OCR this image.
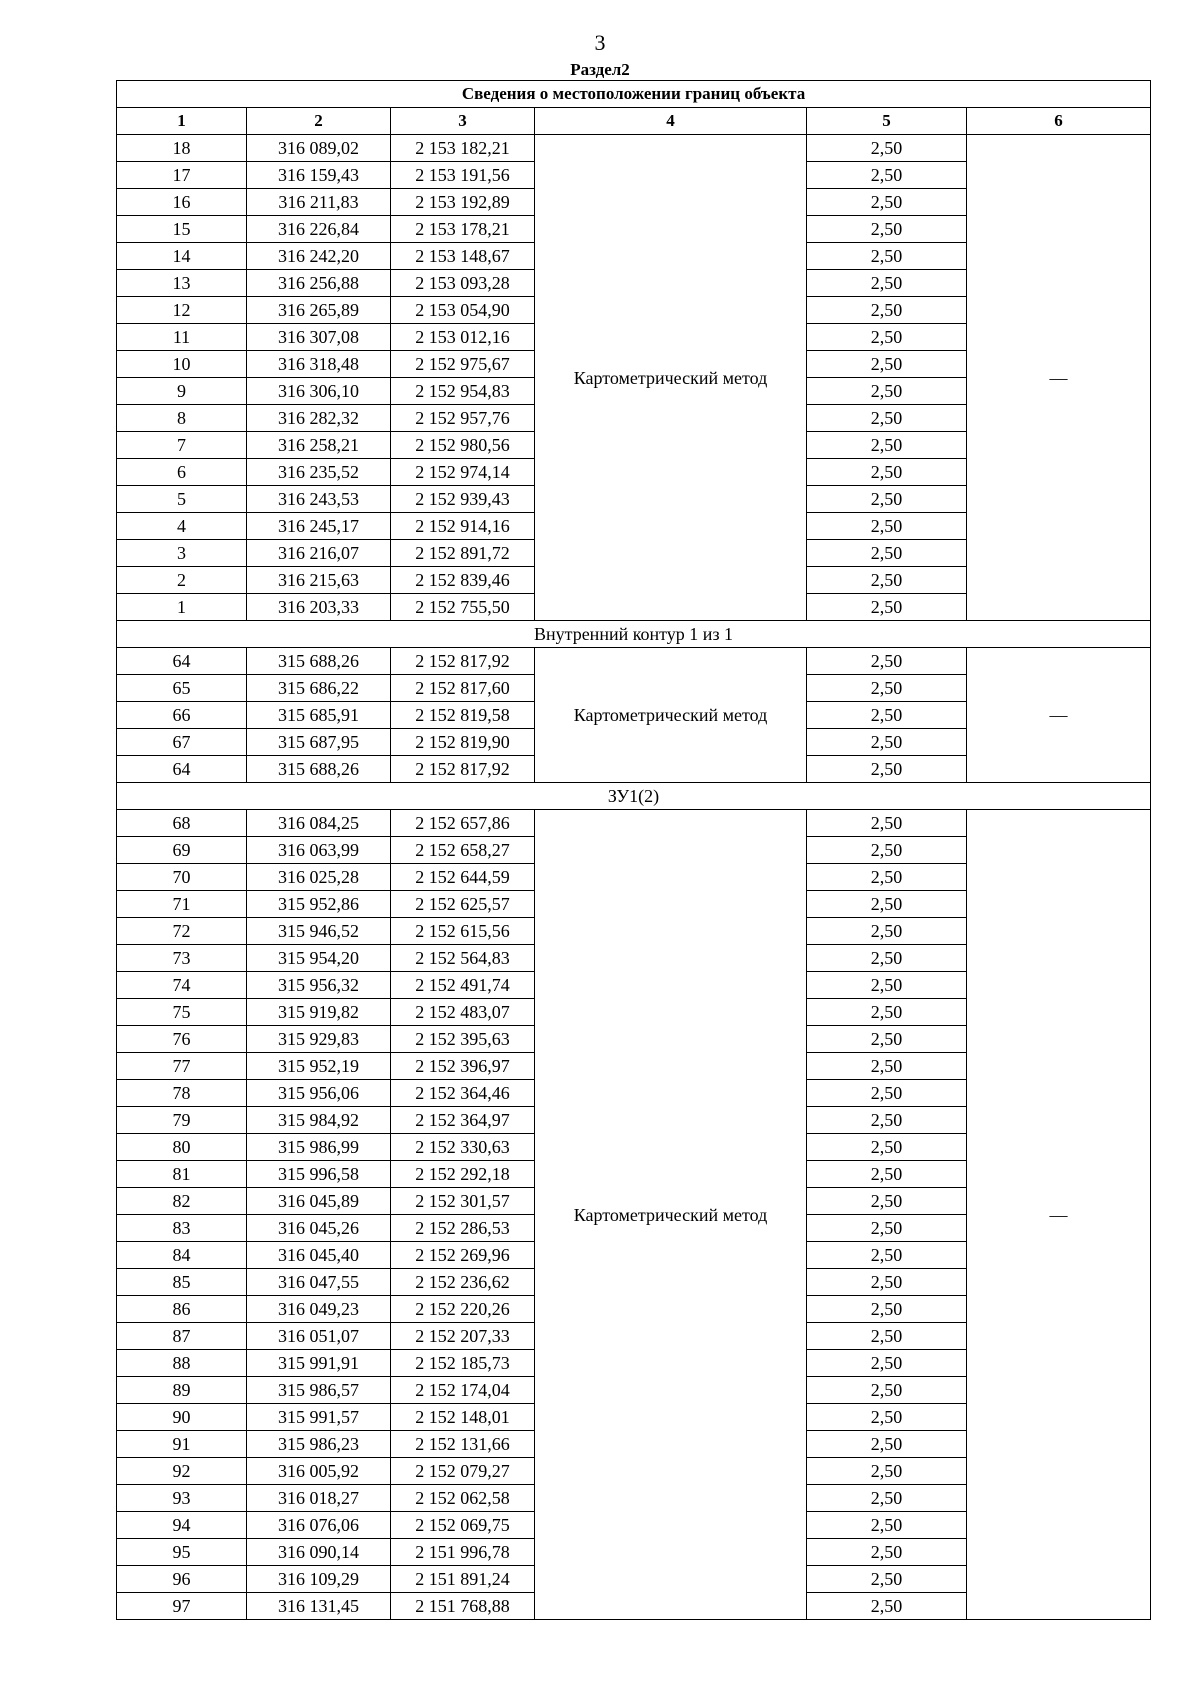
3
Раздел2
Сведения о местоположении границ объекта					
1	2	3	4	5	6
18	316 089,02	2 153 182,21	Картометрический метод	2,50	—
17	316 159,43	2 153 191,56		2,50	
16	316 211,83	2 153 192,89		2,50	
15	316 226,84	2 153 178,21		2,50	
14	316 242,20	2 153 148,67		2,50	
13	316 256,88	2 153 093,28		2,50	
12	316 265,89	2 153 054,90		2,50	
11	316 307,08	2 153 012,16		2,50	
10	316 318,48	2 152 975,67		2,50	
9	316 306,10	2 152 954,83		2,50	
8	316 282,32	2 152 957,76		2,50	
7	316 258,21	2 152 980,56		2,50	
6	316 235,52	2 152 974,14		2,50	
5	316 243,53	2 152 939,43		2,50	
4	316 245,17	2 152 914,16		2,50	
3	316 216,07	2 152 891,72		2,50	
2	316 215,63	2 152 839,46		2,50	
1	316 203,33	2 152 755,50		2,50	
Внутренний контур 1 из 1					
64	315 688,26	2 152 817,92	Картометрический метод	2,50	—
65	315 686,22	2 152 817,60		2,50	
66	315 685,91	2 152 819,58		2,50	
67	315 687,95	2 152 819,90		2,50	
64	315 688,26	2 152 817,92		2,50	
ЗУ1(2)					
68	316 084,25	2 152 657,86	Картометрический метод	2,50	—
69	316 063,99	2 152 658,27		2,50	
70	316 025,28	2 152 644,59		2,50	
71	315 952,86	2 152 625,57		2,50	
72	315 946,52	2 152 615,56		2,50	
73	315 954,20	2 152 564,83		2,50	
74	315 956,32	2 152 491,74		2,50	
75	315 919,82	2 152 483,07		2,50	
76	315 929,83	2 152 395,63		2,50	
77	315 952,19	2 152 396,97		2,50	
78	315 956,06	2 152 364,46		2,50	
79	315 984,92	2 152 364,97		2,50	
80	315 986,99	2 152 330,63		2,50	
81	315 996,58	2 152 292,18		2,50	
82	316 045,89	2 152 301,57		2,50	
83	316 045,26	2 152 286,53		2,50	
84	316 045,40	2 152 269,96		2,50	
85	316 047,55	2 152 236,62		2,50	
86	316 049,23	2 152 220,26		2,50	
87	316 051,07	2 152 207,33		2,50	
88	315 991,91	2 152 185,73		2,50	
89	315 986,57	2 152 174,04		2,50	
90	315 991,57	2 152 148,01		2,50	
91	315 986,23	2 152 131,66		2,50	
92	316 005,92	2 152 079,27		2,50	
93	316 018,27	2 152 062,58		2,50	
94	316 076,06	2 152 069,75		2,50	
95	316 090,14	2 151 996,78		2,50	
96	316 109,29	2 151 891,24		2,50	
97	316 131,45	2 151 768,88		2,50	
